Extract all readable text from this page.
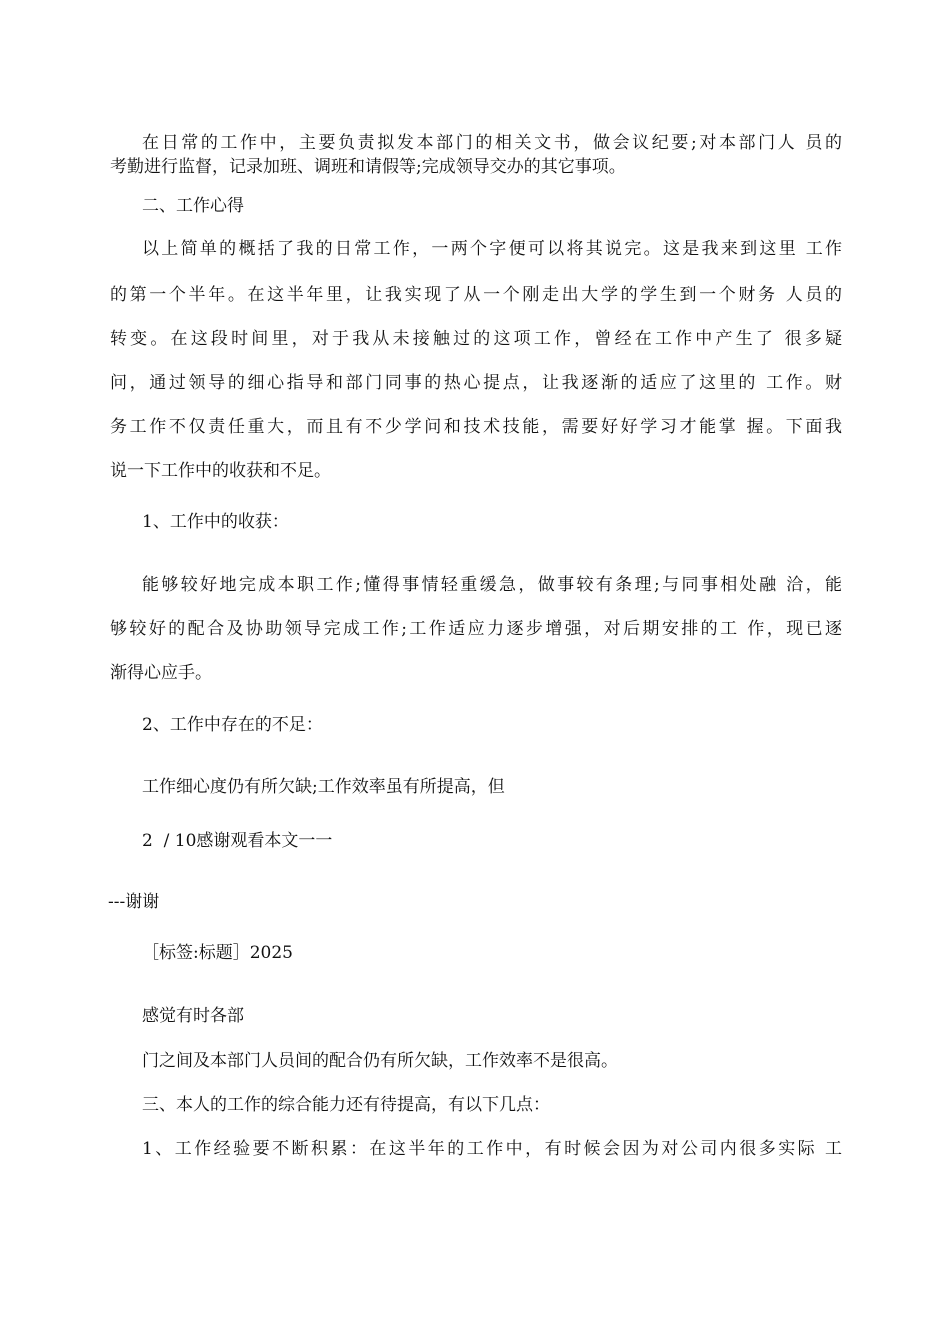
在日常的工作中，主要负责拟发本部门的相关文书，做会议纪要;对本部门人 员的
考勤进行监督，记录加班、调班和请假等;完成领导交办的其它事项。
二、工作心得
以上简单的概括了我的日常工作，一两个字便可以将其说完。这是我来到这里 工作
的第一个半年。在这半年里，让我实现了从一个刚走出大学的学生到一个财务 人员的
转变。在这段时间里，对于我从未接触过的这项工作，曾经在工作中产生了 很多疑
问，通过领导的细心指导和部门同事的热心提点，让我逐渐的适应了这里的 工作。财
务工作不仅责任重大，而且有不少学问和技术技能，需要好好学习才能掌 握。下面我
说一下工作中的收获和不足。
1、工作中的收获：
能够较好地完成本职工作;懂得事情轻重缓急，做事较有条理;与同事相处融 洽，能
够较好的配合及协助领导完成工作;工作适应力逐步增强，对后期安排的工 作，现已逐
渐得心应手。
2、工作中存在的不足：
工作细心度仍有所欠缺;工作效率虽有所提高，但
2  / 10感谢观看本文一一
---谢谢
［标签:标题］2025
感觉有时各部
门之间及本部门人员间的配合仍有所欠缺，工作效率不是很高。
三、本人的工作的综合能力还有待提高，有以下几点：
1、工作经验要不断积累：在这半年的工作中，有时候会因为对公司内很多实际 工
